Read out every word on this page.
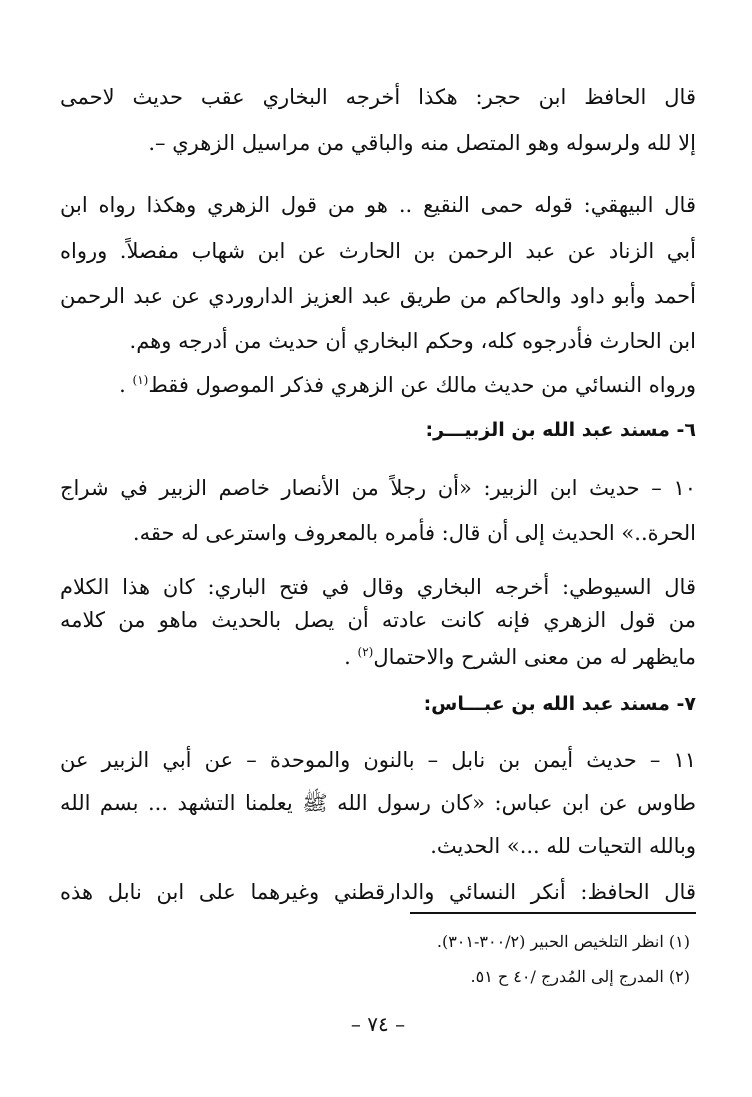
قال الحافظ ابن حجر: هكذا أخرجه البخاري عقب حديث لاحمى
إلا لله ولرسوله وهو المتصل منه والباقي من مراسيل الزهري –.
قال البيهقي: قوله حمى النقيع .. هو من قول الزهري وهكذا رواه ابن
أبي الزناد عن عبد الرحمن بن الحارث عن ابن شهاب مفصلاً. ورواه
أحمد وأبو داود والحاكم من طريق عبد العزيز الداروردي عن عبد الرحمن
ابن الحارث فأدرجوه كله، وحكم البخاري أن حديث من أدرجه وهم.
ورواه النسائي من حديث مالك عن الزهري فذكر الموصول فقط$^{(١)}$ .
٦- مسند عبد الله بن الزبيـــر:
١٠ – حديث ابن الزبير: «أن رجلاً من الأنصار خاصم الزبير في شراج
الحرة..» الحديث إلى أن قال: فأمره بالمعروف واسترعى له حقه.
قال السيوطي: أخرجه البخاري وقال في فتح الباري: كان هذا الكلام
من قول الزهري فإنه كانت عادته أن يصل بالحديث ماهو من كلامه
مايظهر له من معنى الشرح والاحتمال$^{(٢)}$ .
٧- مسند عبد الله بن عبـــاس:
١١ – حديث أيمن بن نابل – بالنون والموحدة – عن أبي الزبير عن
طاوس عن ابن عباس: «كان رسول الله ﷺ يعلمنا التشهد ... بسم الله
وبالله التحيات لله ...» الحديث.
قال الحافظ: أنكر النسائي والدارقطني وغيرهما على ابن نابل هذه
(١) انظر التلخيص الحبير (٣٠٠/٢-٣٠١).
(٢) المدرج إلى المُدرج /٤٠ ح ٥١.
– ٧٤ –
